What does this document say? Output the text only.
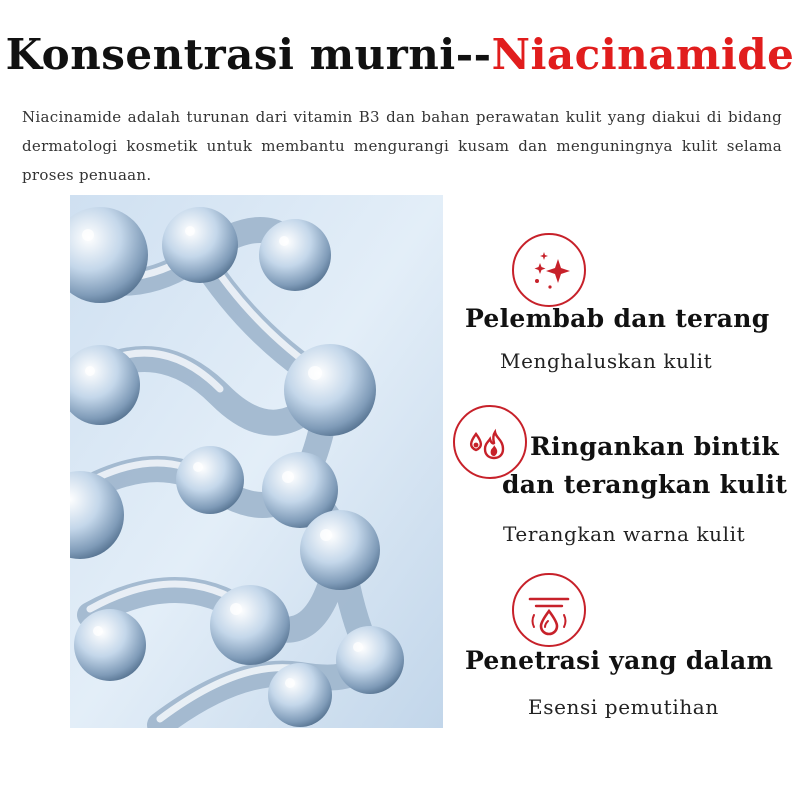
Konsentrasi murni--Niacinamide
Niacinamide adalah turunan dari vitamin B3 dan bahan perawatan kulit yang diakui di bidang dermatologi kosmetik untuk membantu mengurangi kusam dan menguningnya kulit selama proses penuaan.
Pelembab dan terang
Menghaluskan kulit
Ringankan bintik
dan terangkan kulit
Terangkan warna kulit
Penetrasi yang dalam
Esensi pemutihan
